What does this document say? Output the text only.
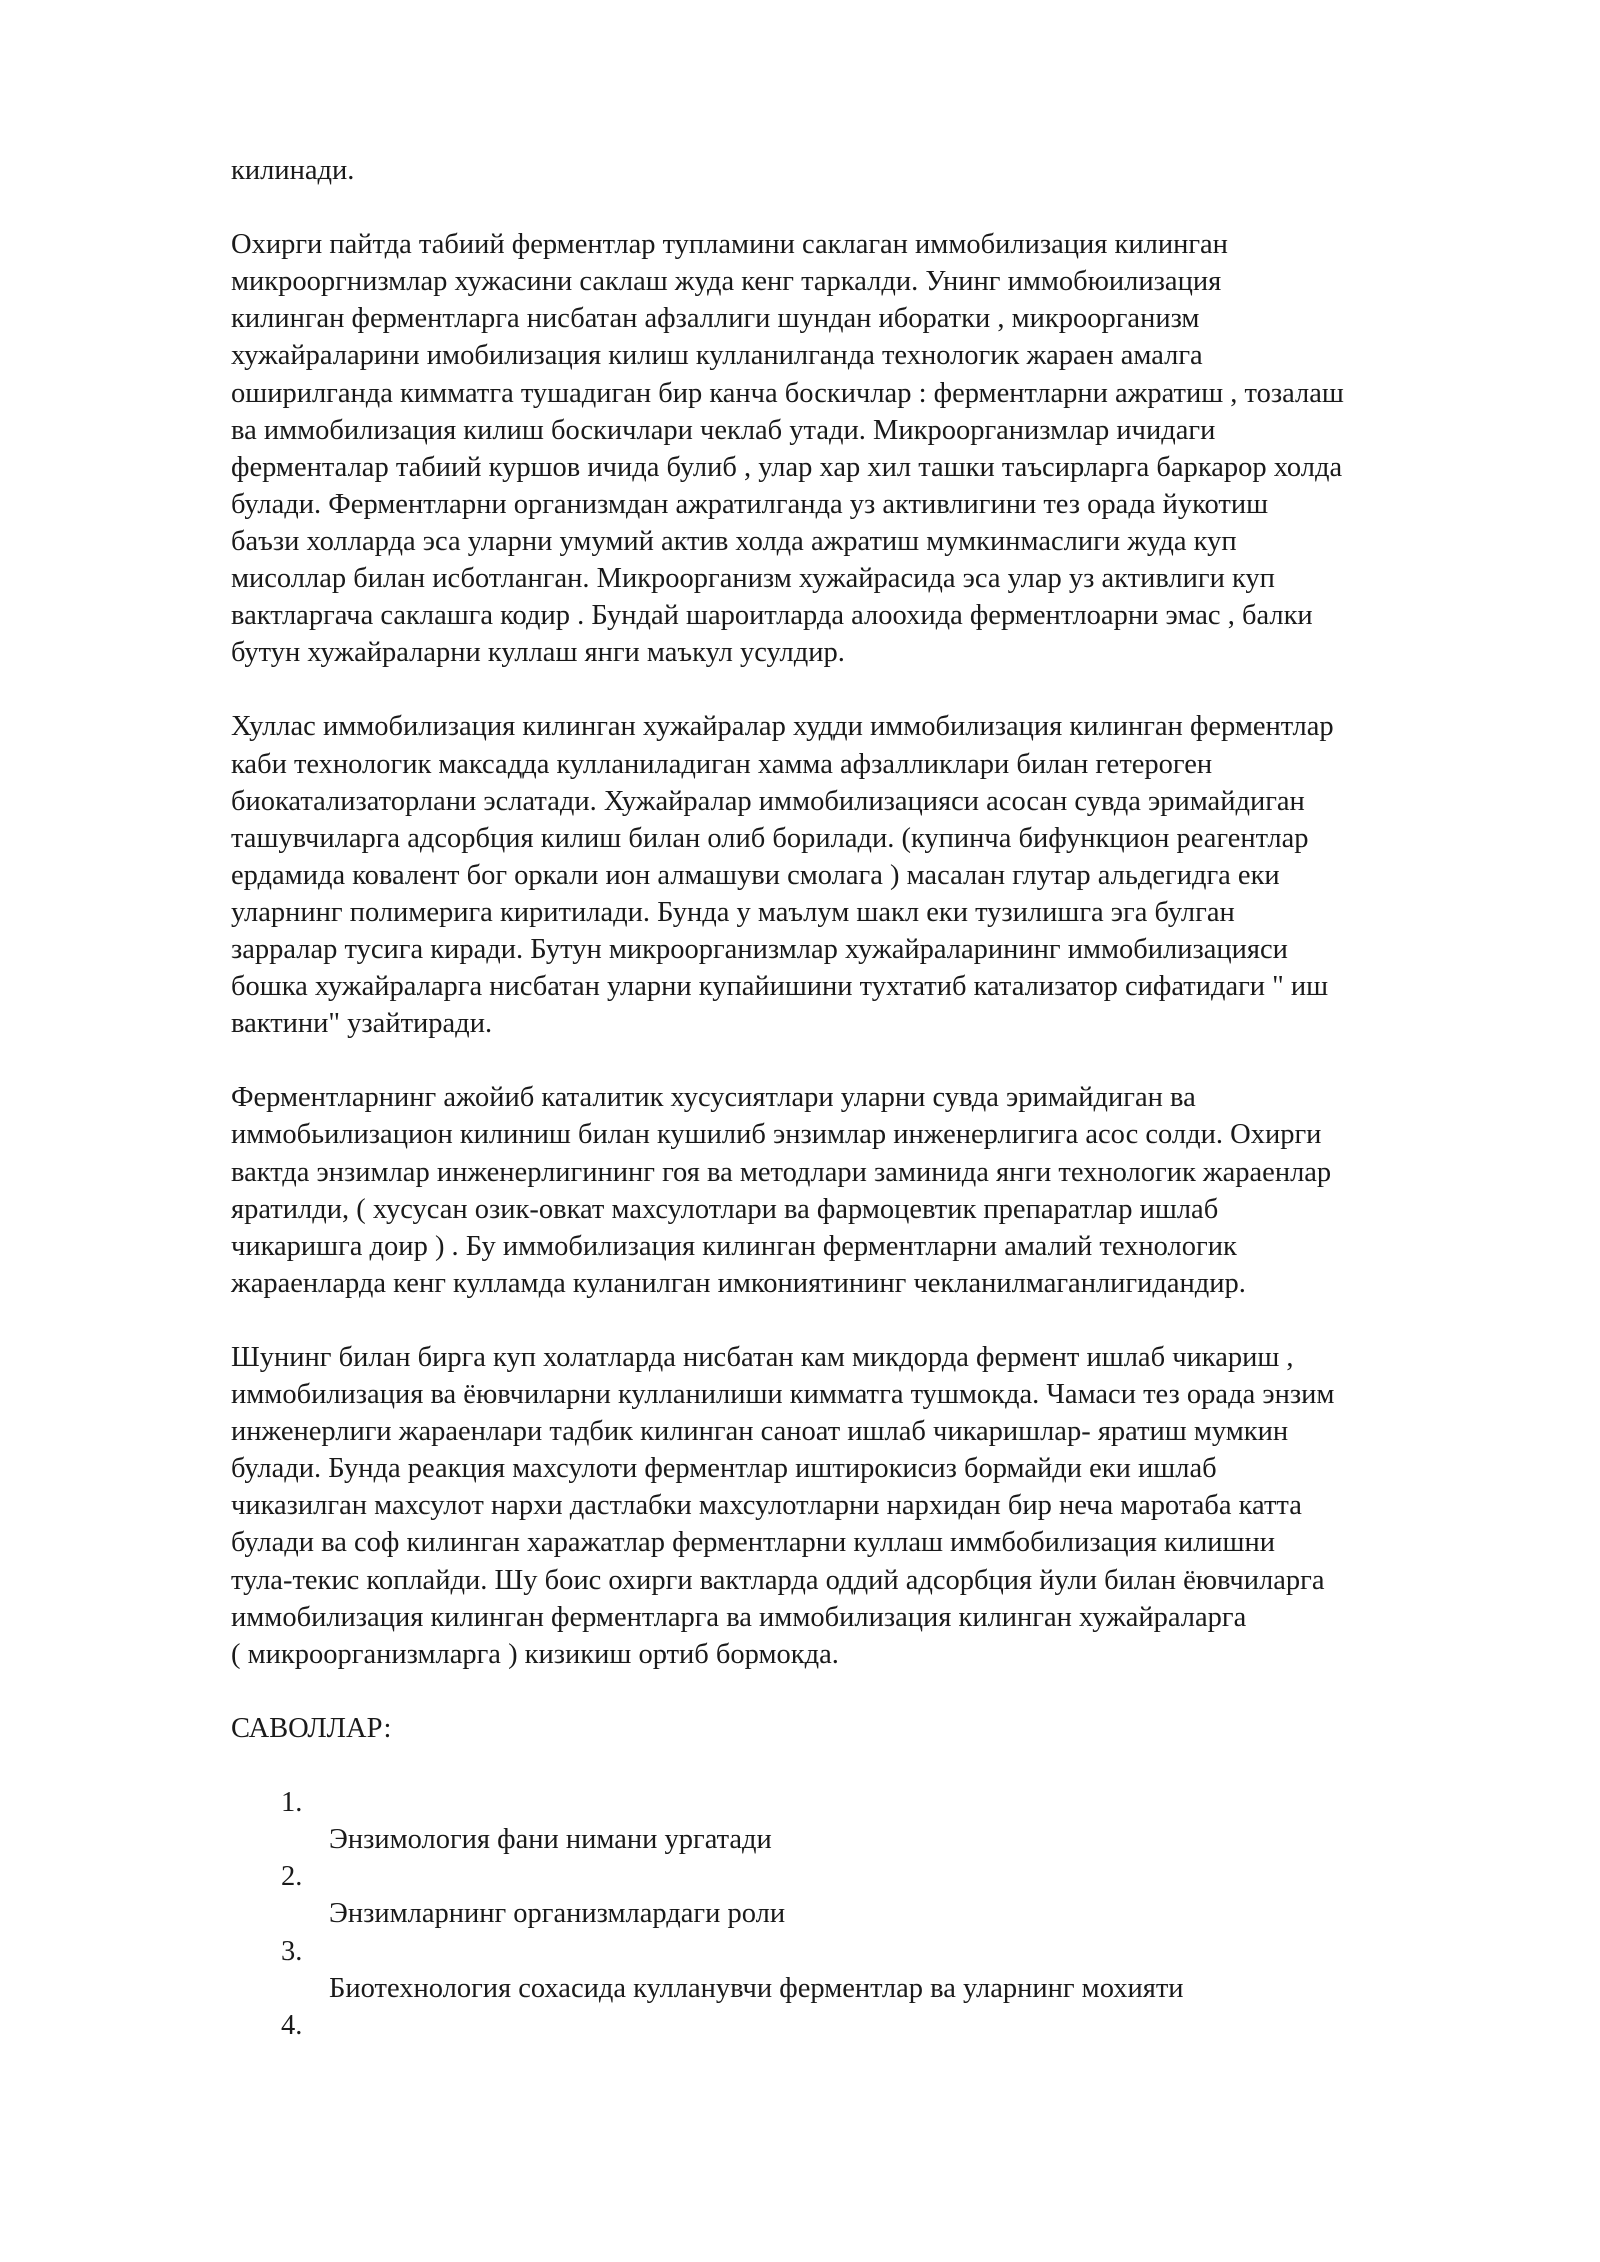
килинади.

Охирги пайтда табиий ферментлар тупламини саклаган иммобилизация килинган
микрооргнизмлар хужасини саклаш жуда кенг таркалди. Унинг иммобюилизация
килинган ферментларга нисбатан афзаллиги шундан иборатки , микроорганизм
хужайраларини имобилизация килиш кулланилганда технологик жараен амалга
оширилганда кимматга тушадиган бир канча боскичлар : ферментларни ажратиш , тозалаш
ва иммобилизация килиш боскичлари чеклаб утади. Микроорганизмлар ичидаги
ферменталар табиий куршов ичида булиб , улар хар хил ташки таъсирларга баркарор холда
булади. Ферментларни организмдан ажратилганда уз активлигини тез орада йукотиш
баъзи холларда эса уларни умумий актив холда ажратиш мумкинмаслиги жуда куп
мисоллар билан исботланган. Микроорганизм хужайрасида эса улар уз активлиги куп
вактларгача саклашга кодир . Бундай шароитларда алоохида ферментлоарни эмас , балки
бутун хужайраларни куллаш янги маъкул усулдир.

Хуллас иммобилизация килинган хужайралар худди иммобилизация килинган ферментлар
каби технологик максадда кулланиладиган хамма афзалликлари билан гетероген
биокатализаторлани эслатади. Хужайралар иммобилизацияси асосан сувда эримайдиган
ташувчиларга адсорбция килиш билан олиб борилади. (купинча бифункцион реагентлар
ердамида ковалент бог оркали ион алмашуви смолага ) масалан глутар альдегидга еки
уларнинг полимерига киритилади. Бунда у маълум шакл еки тузилишга эга булган
зарралар тусига киради. Бутун микроорганизмлар хужайраларининг иммобилизацияси
бошка хужайраларга нисбатан уларни купайишини тухтатиб катализатор сифатидаги " иш
вактини" узайтиради.

Ферментларнинг ажойиб каталитик хусусиятлари уларни сувда эримайдиган ва
иммобьилизацион килиниш билан кушилиб энзимлар инженерлигига асос солди. Охирги
вактда энзимлар инженерлигининг гоя ва методлари заминида янги технологик жараенлар
яратилди, ( хусусан озик-овкат махсулотлари ва фармоцевтик препаратлар ишлаб
чикаришга доир ) . Бу иммобилизация килинган ферментларни амалий технологик
жараенларда кенг кулламда куланилган имкониятининг чекланилмаганлигидандир.

Шунинг билан бирга куп холатларда нисбатан кам микдорда фермент ишлаб чикариш ,
иммобилизация ва ёювчиларни кулланилиши кимматга тушмокда. Чамаси тез орада энзим
инженерлиги жараенлари тадбик килинган саноат ишлаб чикаришлар- яратиш мумкин
булади. Бунда реакция махсулоти ферментлар иштирокисиз бормайди еки ишлаб
чиказилган махсулот нархи дастлабки махсулотларни нархидан бир неча маротаба катта
булади ва соф килинган харажатлар ферментларни куллаш иммбобилизация килишни
тула-текис коплайди. Шу боис охирги вактларда оддий адсорбция йули билан ёювчиларга
иммобилизация килинган ферментларга ва иммобилизация килинган хужайраларга
( микроорганизмларга ) кизикиш ортиб бормокда.

САВОЛЛАР:

1.
Энзимология фани нимани ургатади
2.
Энзимларнинг организмлардаги роли
3.
Биотехнология сохасида кулланувчи ферментлар ва уларнинг мохияти
4.
